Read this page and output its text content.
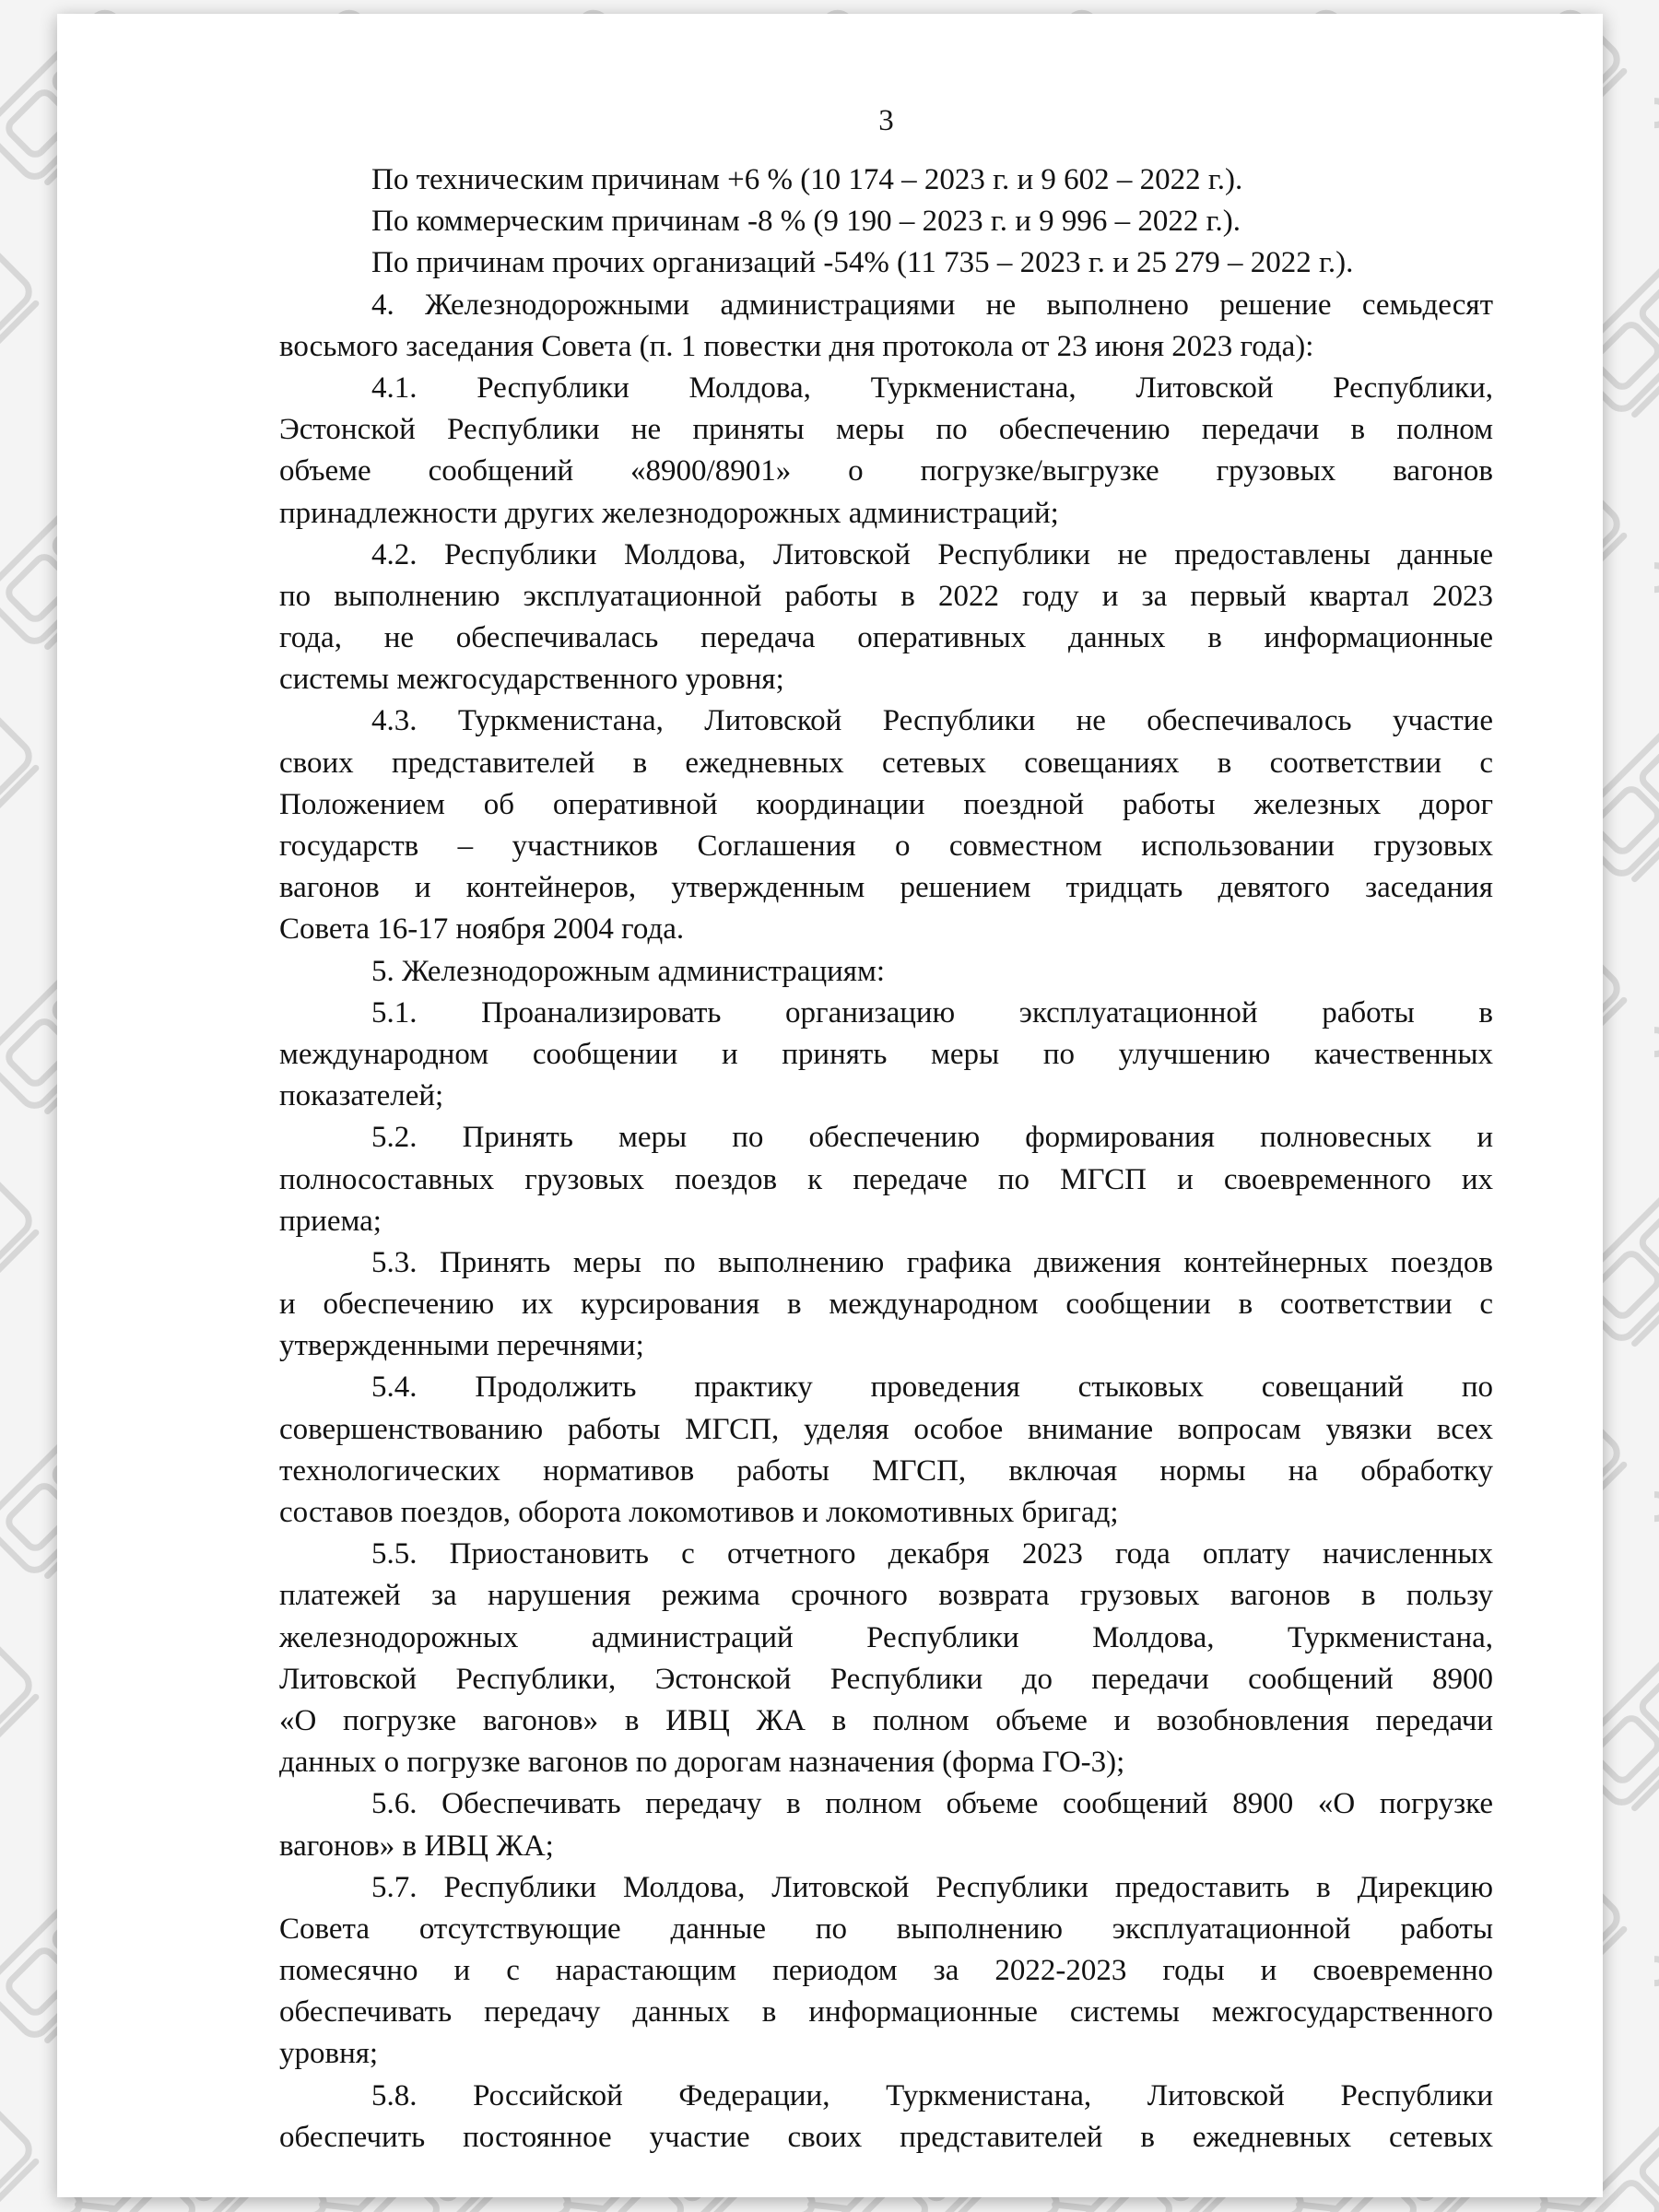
3
По техническим причинам +6 % (10 174 – 2023 г. и 9 602 – 2022 г.).
По коммерческим причинам -8 % (9 190 – 2023 г. и 9 996 – 2022 г.).
По причинам прочих организаций -54% (11 735 – 2023 г. и 25 279 – 2022 г.).
4. Железнодорожными администрациями не выполнено решение семьдесят
восьмого заседания Совета (п. 1 повестки дня протокола от 23 июня 2023 года):
4.1. Республики Молдова, Туркменистана, Литовской Республики,
Эстонской Республики не приняты меры по обеспечению передачи в полном
объеме сообщений «8900/8901» о погрузке/выгрузке грузовых вагонов
принадлежности других железнодорожных администраций;
4.2. Республики Молдова, Литовской Республики не предоставлены данные
по выполнению эксплуатационной работы в 2022 году и за первый квартал 2023
года, не обеспечивалась передача оперативных данных в информационные
системы межгосударственного уровня;
4.3. Туркменистана, Литовской Республики не обеспечивалось участие
своих представителей в ежедневных сетевых совещаниях в соответствии с
Положением об оперативной координации поездной работы железных дорог
государств – участников Соглашения о совместном использовании грузовых
вагонов и контейнеров, утвержденным решением тридцать девятого заседания
Совета 16-17 ноября 2004 года.
5. Железнодорожным администрациям:
5.1. Проанализировать организацию эксплуатационной работы в
международном сообщении и принять меры по улучшению качественных
показателей;
5.2. Принять меры по обеспечению формирования полновесных и
полносоставных грузовых поездов к передаче по МГСП и своевременного их
приема;
5.3. Принять меры по выполнению графика движения контейнерных поездов
и обеспечению их курсирования в международном сообщении в соответствии с
утвержденными перечнями;
5.4. Продолжить практику проведения стыковых совещаний по
совершенствованию работы МГСП, уделяя особое внимание вопросам увязки всех
технологических нормативов работы МГСП, включая нормы на обработку
составов поездов, оборота локомотивов и локомотивных бригад;
5.5. Приостановить с отчетного декабря 2023 года оплату начисленных
платежей за нарушения режима срочного возврата грузовых вагонов в пользу
железнодорожных администраций Республики Молдова, Туркменистана,
Литовской Республики, Эстонской Республики до передачи сообщений 8900
«О погрузке вагонов» в ИВЦ ЖА в полном объеме и возобновления передачи
данных о погрузке вагонов по дорогам назначения (форма ГО-3);
5.6. Обеспечивать передачу в полном объеме сообщений 8900 «О погрузке
вагонов» в ИВЦ ЖА;
5.7. Республики Молдова, Литовской Республики предоставить в Дирекцию
Совета отсутствующие данные по выполнению эксплуатационной работы
помесячно и с нарастающим периодом за 2022-2023 годы и своевременно
обеспечивать передачу данных в информационные системы межгосударственного
уровня;
5.8. Российской Федерации, Туркменистана, Литовской Республики
обеспечить постоянное участие своих представителей в ежедневных сетевых
